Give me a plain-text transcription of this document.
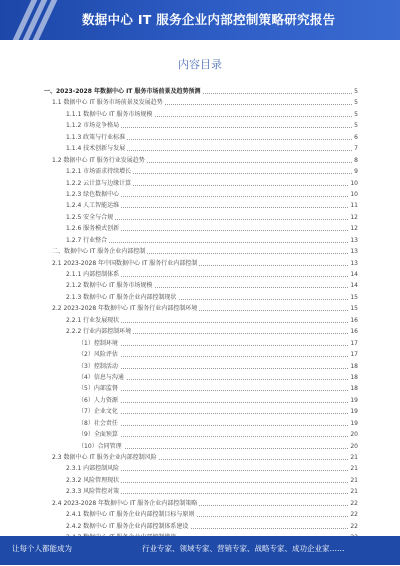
数据中心 IT 服务企业内部控制策略研究报告
内容目录
一、2023-2028 年数据中心 IT 服务市场前景及趋势预测	5
1.1 数据中心 IT 服务市场前景及发展趋势	5
1.1.1 数据中心 IT 服务市场规模	5
1.1.2 市场竞争格局	5
1.1.3 政策与行业标准	6
1.1.4 技术创新与发展	7
1.2 数据中心 IT 服务行业发展趋势	8
1.2.1 市场需求持续增长	9
1.2.2 云计算与边缘计算	10
1.2.3 绿色数据中心	10
1.2.4 人工智能运维	11
1.2.5 安全与合规	12
1.2.6 服务模式创新	12
1.2.7 行业整合	13
二、数据中心 IT 服务企业内部控制	13
2.1 2023-2028 年中国数据中心 IT 服务行业内部控制	13
2.1.1 内部控制体系	14
2.1.2 数据中心 IT 服务市场规模	14
2.1.3 数据中心 IT 服务企业内部控制现状	15
2.2 2023-2028 年数据中心 IT 服务行业内部控制环境	15
2.2.1 行业发展现状	16
2.2.2 行业内部控制环境	16
（1）控制环境	17
（2）风险评估	17
（3）控制活动	18
（4）信息与沟通	18
（5）内部监督	18
（6）人力资源	19
（7）企业文化	19
（8）社会责任	19
（9）全面预算	20
（10）合同管理	20
2.3 数据中心 IT 服务企业内部控制风险	21
2.3.1 内部控制风险	21
2.3.2 风险管理现状	21
2.3.3 风险管控对策	21
2.4 2023-2028 年数据中心 IT 服务企业内部控制策略	22
2.4.1 数据中心 IT 服务企业内部控制目标与原则	22
2.4.2 数据中心 IT 服务企业内部控制体系建设	22
让每个人都能成为	行业专家、领域专家、营销专家、战略专家、成功企业家……
